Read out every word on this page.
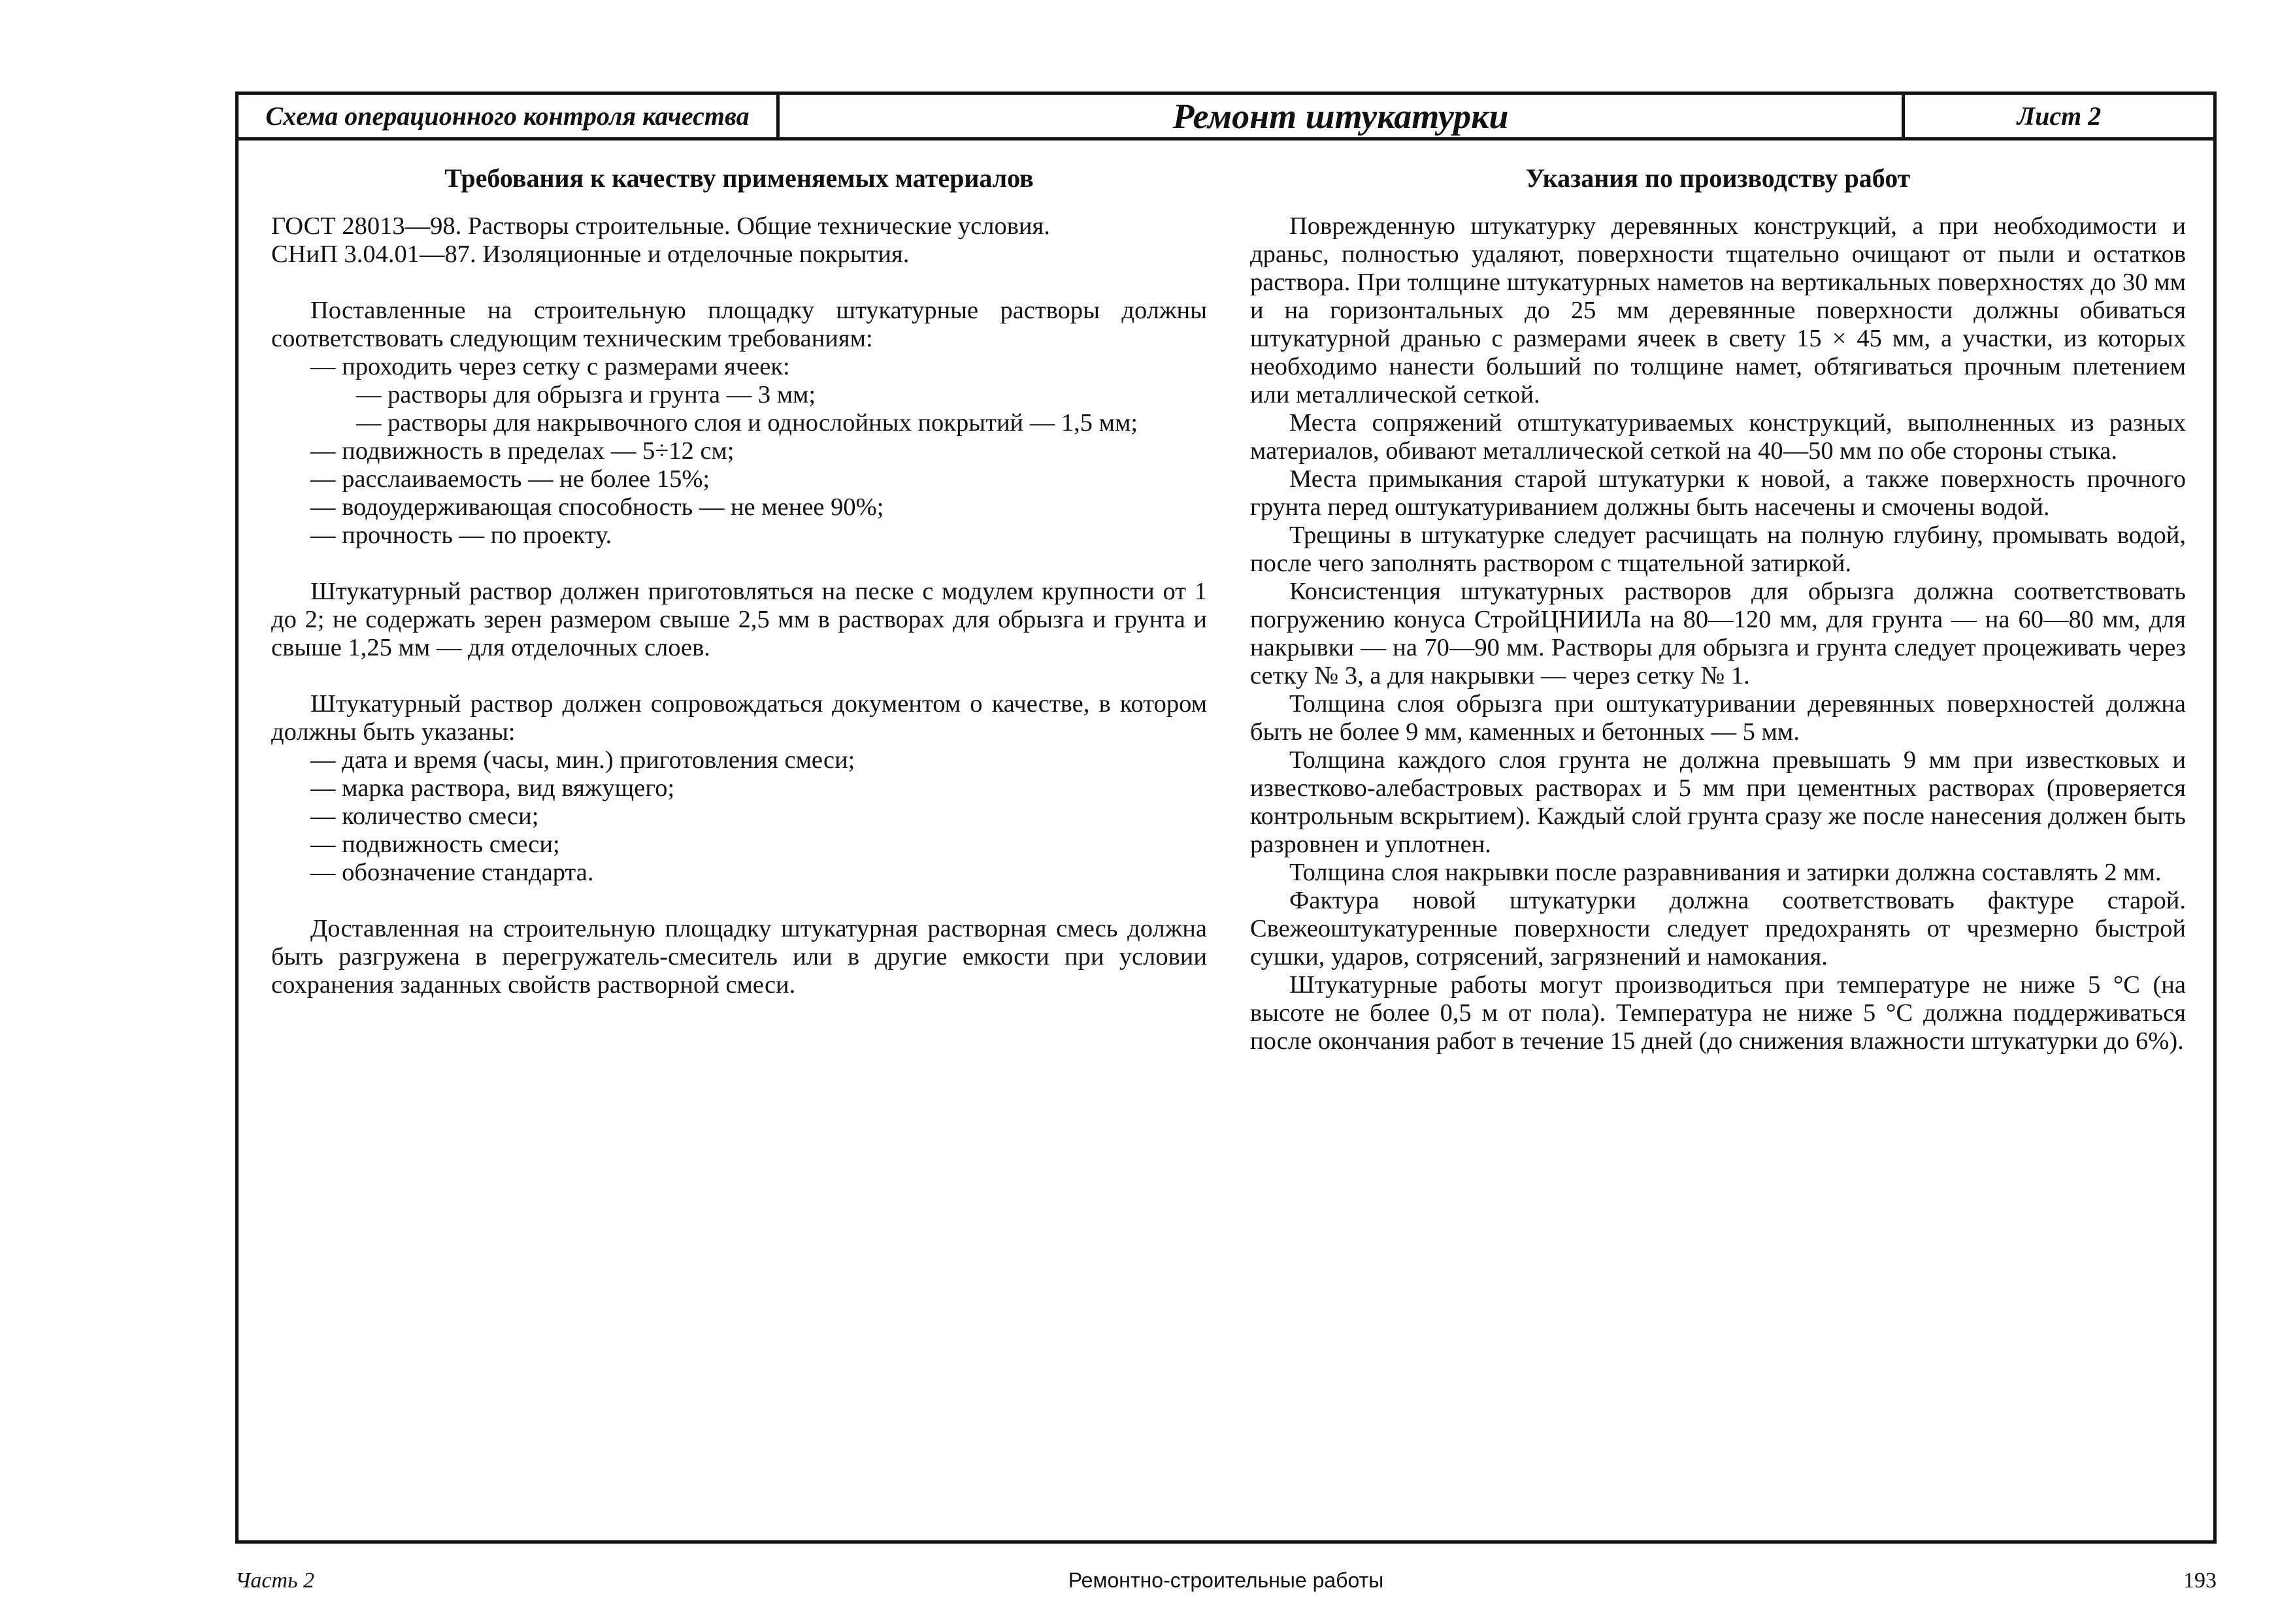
Схема операционного контроля качества	Ремонт штукатурки	Лист 2
Требования к качеству применяемых материалов

ГОСТ 28013—98. Растворы строительные. Общие технические условия.

СНиП 3.04.01—87. Изоляционные и отделочные покрытия.

Поставленные на строительную площадку штукатурные растворы должны соответствовать следующим техническим требованиям:

— проходить через сетку с размерами ячеек:
— растворы для обрызга и грунта — 3 мм;
— растворы для накрывочного слоя и однослойных покрытий — 1,5 мм;
— подвижность в пределах — 5÷12 см;
— расслаиваемость — не более 15%;
— водоудерживающая способность — не менее 90%;
— прочность — по проекту.

Штукатурный раствор должен приготовляться на песке с модулем крупности от 1 до 2; не содержать зерен размером свыше 2,5 мм в растворах для обрызга и грунта и свыше 1,25 мм — для отделочных слоев.

Штукатурный раствор должен сопровождаться документом о качестве, в котором должны быть указаны:

— дата и время (часы, мин.) приготовления смеси;
— марка раствора, вид вяжущего;
— количество смеси;
— подвижность смеси;
— обозначение стандарта.

Доставленная на строительную площадку штукатурная растворная смесь должна быть разгружена в перегружатель-смеситель или в другие емкости при условии сохранения заданных свойств растворной смеси.

Указания по производству работ

Поврежденную штукатурку деревянных конструкций, а при необходимости и драньс, полностью удаляют, поверхности тщательно очищают от пыли и остатков раствора. При толщине штукатурных наметов на вертикальных поверхностях до 30 мм и на горизонтальных до 25 мм деревянные поверхности должны обиваться штукатурной дранью с размерами ячеек в свету 15 × 45 мм, а участки, из которых необходимо нанести больший по толщине намет, обтягиваться прочным плетением или металлической сеткой.

Места сопряжений отштукатуриваемых конструкций, выполненных из разных материалов, обивают металлической сеткой на 40—50 мм по обе стороны стыка.

Места примыкания старой штукатурки к новой, а также поверхность прочного грунта перед оштукатуриванием должны быть насечены и смочены водой.

Трещины в штукатурке следует расчищать на полную глубину, промывать водой, после чего заполнять раствором с тщательной затиркой.

Консистенция штукатурных растворов для обрызга должна соответствовать погружению конуса СтройЦНИИЛа на 80—120 мм, для грунта — на 60—80 мм, для накрывки — на 70—90 мм. Растворы для обрызга и грунта следует процеживать через сетку № 3, а для накрывки — через сетку № 1.

Толщина слоя обрызга при оштукатуривании деревянных поверхностей должна быть не более 9 мм, каменных и бетонных — 5 мм.

Толщина каждого слоя грунта не должна превышать 9 мм при известковых и известково-алебастровых растворах и 5 мм при цементных растворах (проверяется контрольным вскрытием). Каждый слой грунта сразу же после нанесения должен быть разровнен и уплотнен.

Толщина слоя накрывки после разравнивания и затирки должна составлять 2 мм.

Фактура новой штукатурки должна соответствовать фактуре старой. Свежеоштукатуренные поверхности следует предохранять от чрезмерно быстрой сушки, ударов, сотрясений, загрязнений и намокания.

Штукатурные работы могут производиться при температуре не ниже 5 °С (на высоте не более 0,5 м от пола). Температура не ниже 5 °С должна поддерживаться после окончания работ в течение 15 дней (до снижения влажности штукатурки до 6%).

Часть 2	Ремонтно-строительные работы	193
